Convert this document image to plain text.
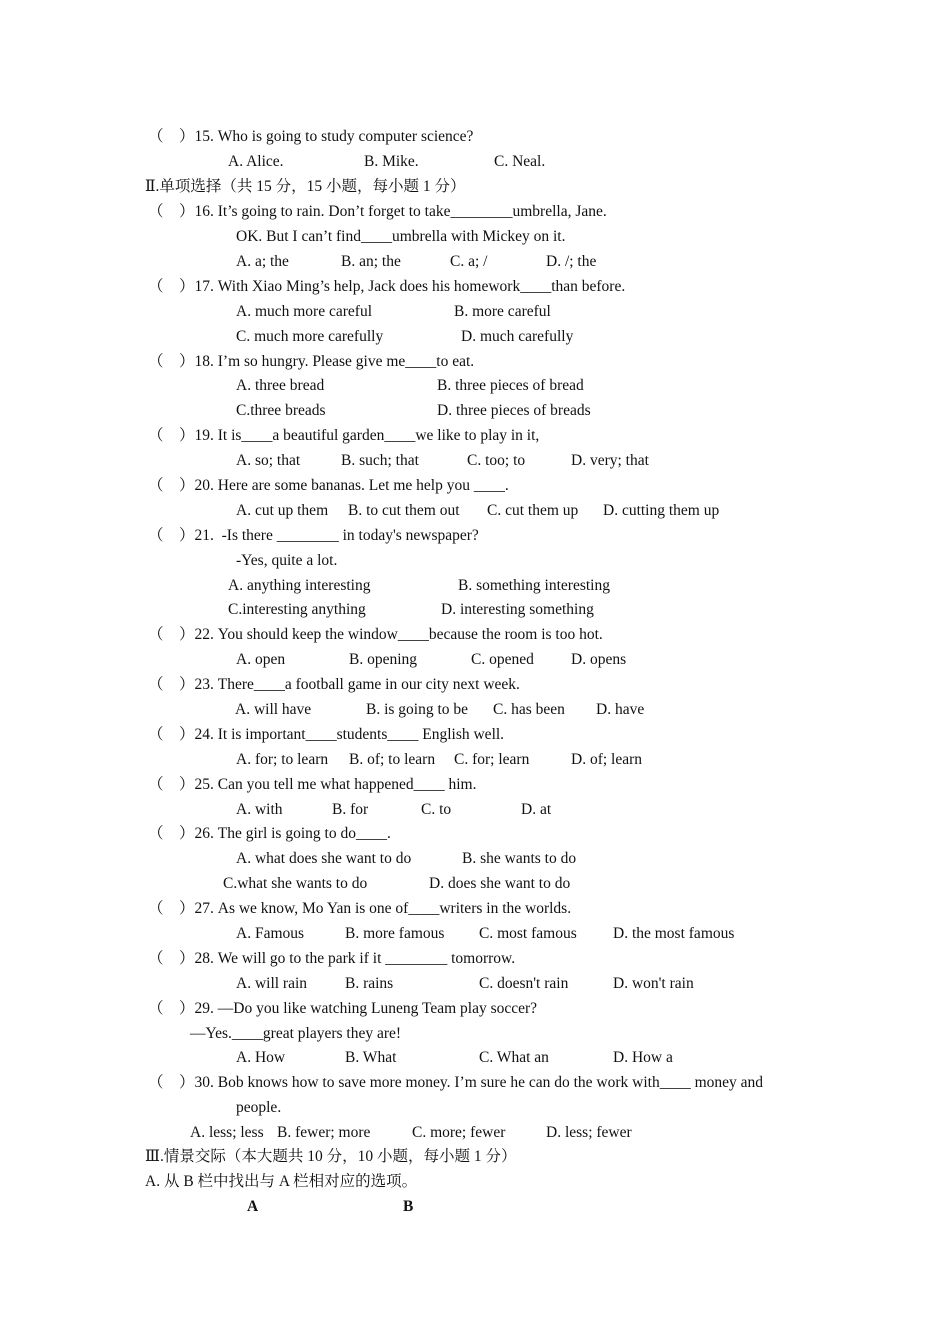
（　）15. Who is going to study computer science?
A. Alice.	B. Mike.	C. Neal.
Ⅱ.单项选择（共 15 分，15 小题，每小题 1 分）
（　）16. It’s going to rain. Don’t forget to take________umbrella, Jane.
OK. But I can’t find____umbrella with Mickey on it.
A. a; the	B. an; the	C. a; /	D. /; the
（　）17. With Xiao Ming’s help, Jack does his homework____than before.
A. much more careful	B. more careful
C. much more carefully	D. much carefully
（　）18. I’m so hungry. Please give me____to eat.
A. three bread	B. three pieces of bread
C.three breads	D. three pieces of breads
（　）19. It is____a beautiful garden____we like to play in it,
A. so; that	B. such; that	C. too; to	D. very; that
（　）20. Here are some bananas. Let me help you ____.
A. cut up them B. to cut them out C. cut them up D. cutting them up
（　）21.  -Is there ________ in today's newspaper?
-Yes, quite a lot.
A. anything interesting	B. something interesting
C.interesting anything	D. interesting something
（　）22. You should keep the window____because the room is too hot.
A. open	B. opening	C. opened D. opens
（　）23. There____a football game in our city next week.
A. will have	B. is going to be C. has been D. have
（　）24. It is important____students____ English well.
A. for; to learn B. of; to learn C. for; learn	D. of; learn
（　）25. Can you tell me what happened____ him.
A. with	B. for	C. to	D. at
（　）26. The girl is going to do____.
A. what does she want to do	B. she wants to do
C.what she wants to do	D. does she want to do
（　）27. As we know, Mo Yan is one of____writers in the worlds.
A. Famous	B. more famous C. most famous D. the most famous
（　）28. We will go to the park if it ________ tomorrow.
A. will rain B. rains	C. doesn't rain	D. won't rain
（　）29. —Do you like watching Luneng Team play soccer?
—Yes.____great players they are!
A. How	B. What	C. What an	D. How a
（　）30. Bob knows how to save more money. I’m sure he can do the work with____ money and
people.
A. less; less B. fewer; more	C. more; fewer	D. less; fewer
Ⅲ.情景交际（本大题共 10 分，10 小题，每小题 1 分）
A. 从 B 栏中找出与 A 栏相对应的选项。
A	B
